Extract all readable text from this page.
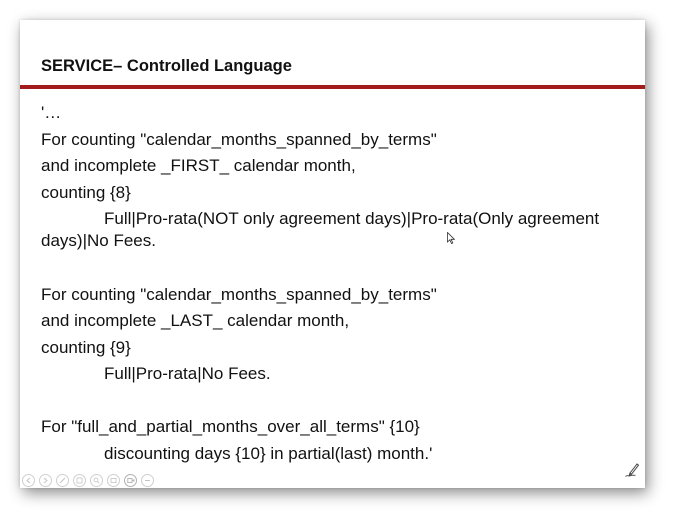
SERVICE– Controlled Language

'…

For counting "calendar_months_spanned_by_terms"

and incomplete _FIRST_ calendar month,

counting {8}

Full|Pro-rata(NOT only agreement days)|Pro-rata(Only agreement days)|No Fees.

For counting "calendar_months_spanned_by_terms"

and incomplete _LAST_ calendar month,

counting {9}

Full|Pro-rata|No Fees.

For "full_and_partial_months_over_all_terms" {10}

discounting days {10} in partial(last) month.'
